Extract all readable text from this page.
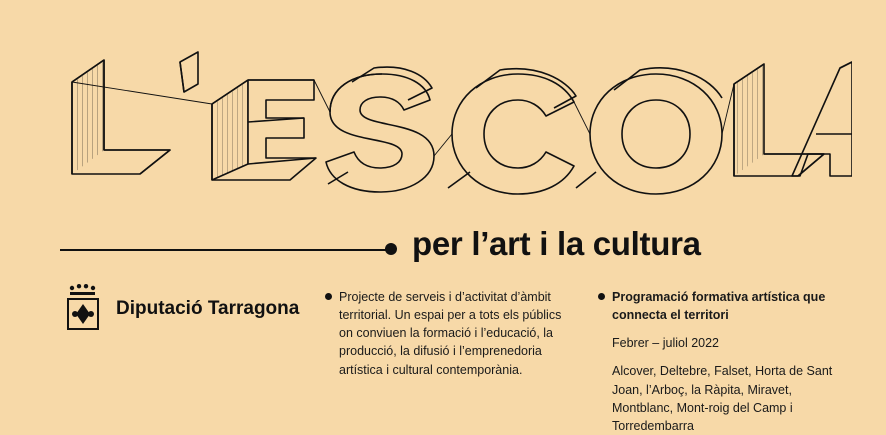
per l’art i la cultura
Diputació Tarragona
Projecte de serveis i d’activitat d’àmbit territorial. Un espai per a tots els públics on conviuen la formació i l’educació, la producció, la difusió i l’emprenedoria artística i cultural contemporània.
Programació formativa artística que connecta el territori
Febrer – juliol 2022
Alcover, Deltebre, Falset, Horta de Sant Joan, l’Arboç, la Ràpita, Miravet, Montblanc, Mont-roig del Camp i Torredembarra
